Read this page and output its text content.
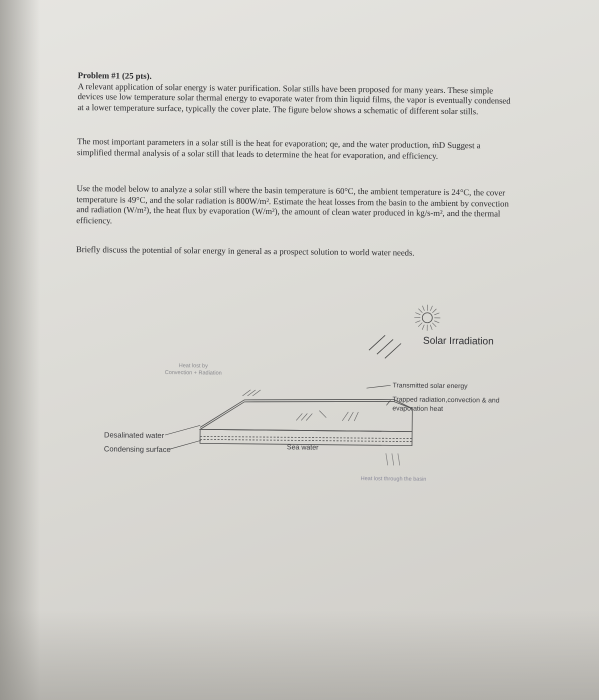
Problem #1 (25 pts).
A relevant application of solar energy is water purification. Solar stills have been proposed for many years. These simple devices use low temperature solar thermal energy to evaporate water from thin liquid films, the vapor is eventually condensed at a lower temperature surface, typically the cover plate. The figure below shows a schematic of different solar stills.
The most important parameters in a solar still is the heat for evaporation; qe, and the water production, ṁD Suggest a simplified thermal analysis of a solar still that leads to determine the heat for evaporation, and efficiency.
Use the model below to analyze a solar still where the basin temperature is 60°C, the ambient temperature is 24°C, the cover temperature is 49°C, and the solar radiation is 800W/m². Estimate the heat losses from the basin to the ambient by convection and radiation (W/m²), the heat flux by evaporation (W/m²), the amount of clean water produced in kg/s-m², and the thermal efficiency.
Briefly discuss the potential of solar energy in general as a prospect solution to world water needs.
Solar Irradiation
Heat lost by
Convection + Radiation
Transmitted solar energy
Trapped radiation,convection & and evaporation heat
Desalinated water
Condensing surface	Sea water
Heat lost through the basin
